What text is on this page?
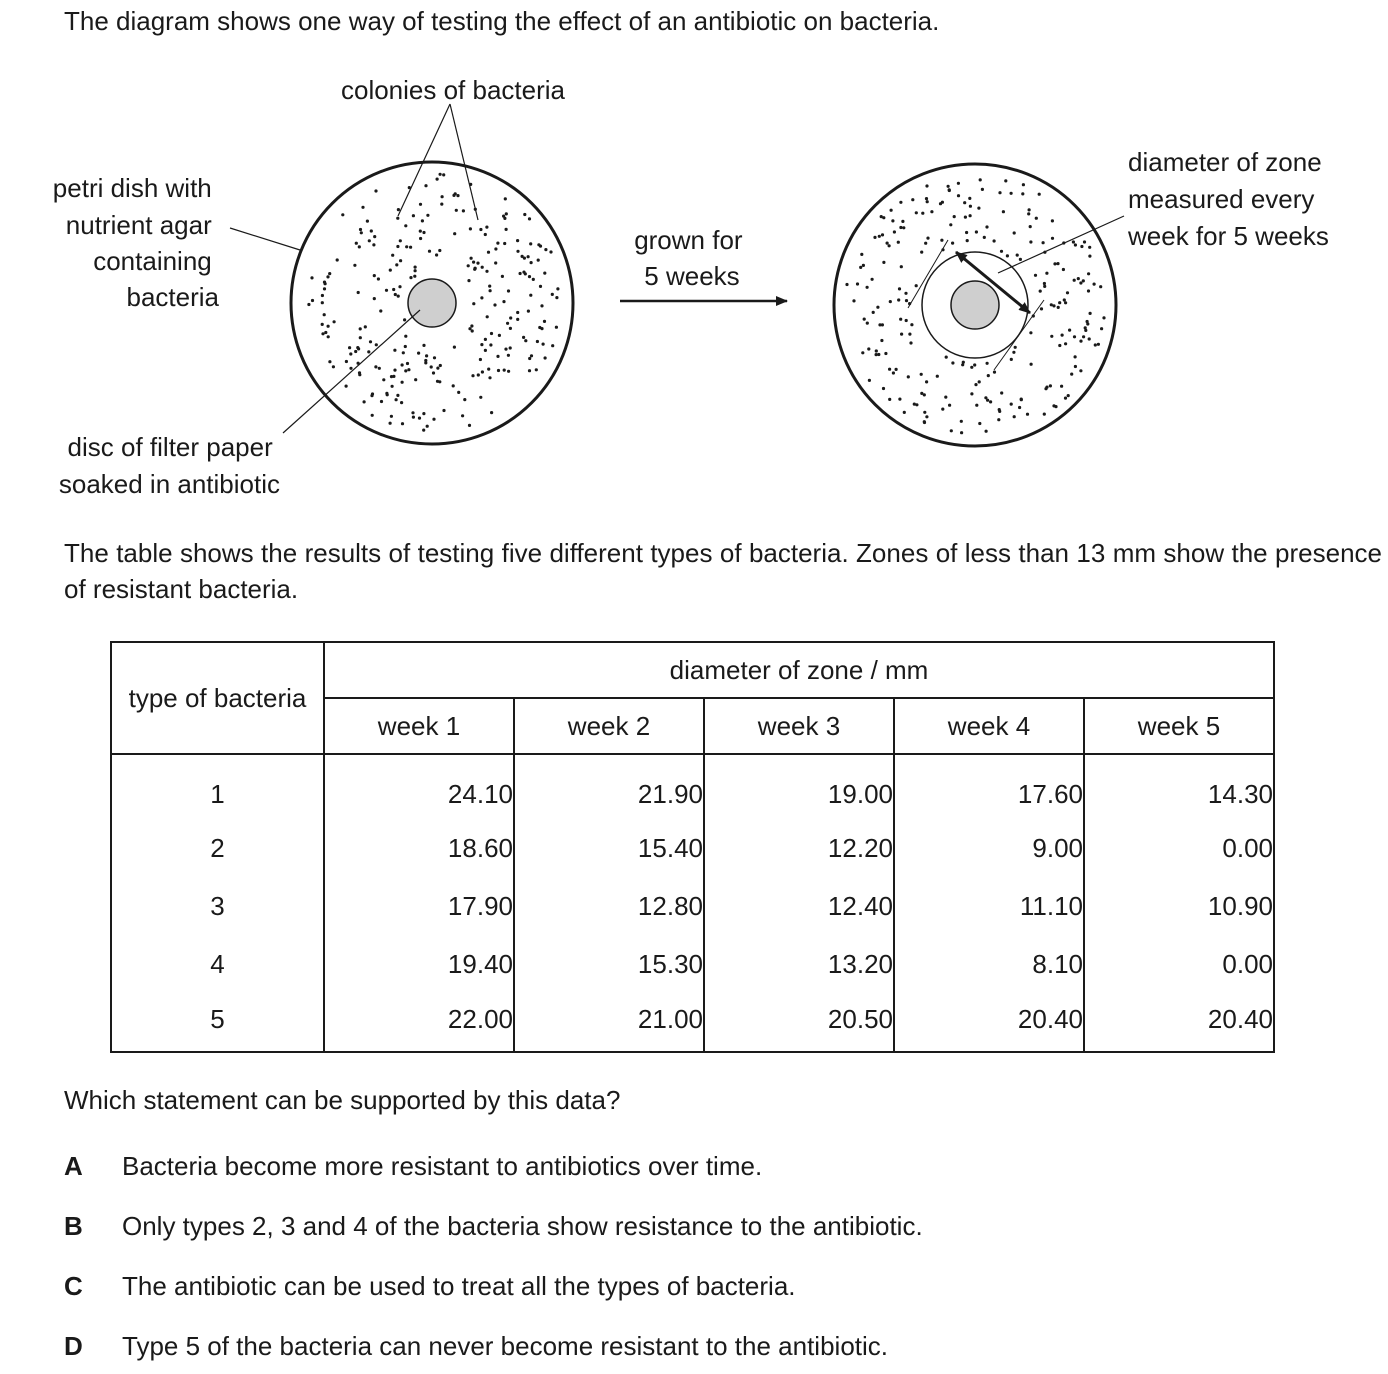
The diagram shows one way of testing the effect of an antibiotic on bacteria.

colonies of bacteria
petri dish with nutrient agar containing bacteria
disc of filter paper soaked in antibiotic
grown for 5 weeks
diameter of zone measured every week for 5 weeks

The table shows the results of testing five different types of bacteria. Zones of less than 13 mm show the presence of resistant bacteria.

type of bacteria	diameter of zone / mm				
	week 1	week 2	week 3	week 4	week 5
1	24.10	21.90	19.00	17.60	14.30
2	18.60	15.40	12.20	9.00	0.00
3	17.90	12.80	12.40	11.10	10.90
4	19.40	15.30	13.20	8.10	0.00
5	22.00	21.00	20.50	20.40	20.40

Which statement can be supported by this data?

A Bacteria become more resistant to antibiotics over time.
B Only types 2, 3 and 4 of the bacteria show resistance to the antibiotic.
C The antibiotic can be used to treat all the types of bacteria.
D Type 5 of the bacteria can never become resistant to the antibiotic.
